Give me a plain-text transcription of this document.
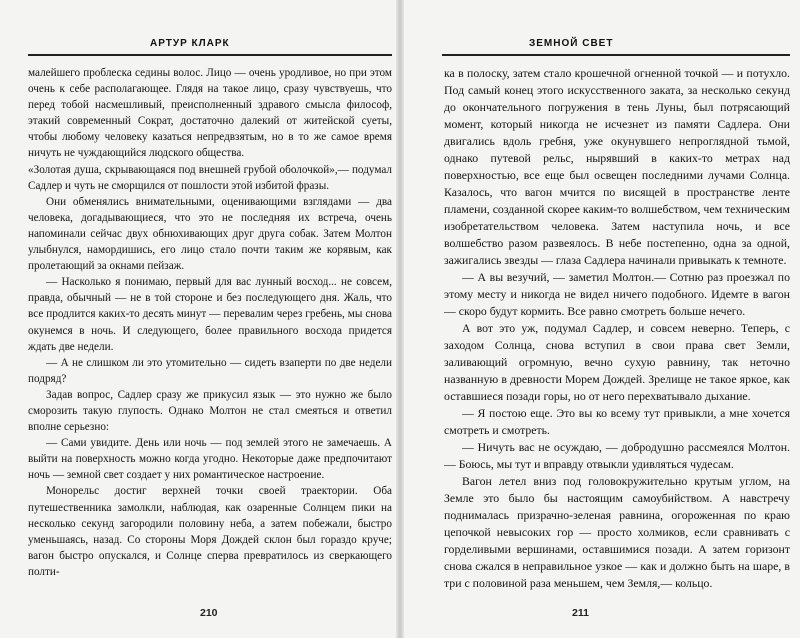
АРТУР КЛАРК

малейшего проблеска седины волос. Лицо — очень уродливое, но при этом очень к себе располагающее. Глядя на такое лицо, сразу чувствуешь, что перед тобой насмешливый, преисполненный здравого смысла философ, этакий современный Сократ, достаточно далекий от житейской суеты, чтобы любому человеку казаться непредвзятым, но в то же самое время ничуть не чуждающийся людского общества.

«Золотая душа, скрывающаяся под внешней грубой оболочкой»,— подумал Садлер и чуть не сморщился от пошлости этой избитой фразы.

Они обменялись внимательными, оценивающими взглядами — два человека, догадывающиеся, что это не последняя их встреча, очень напоминали сейчас двух обнюхивающих друг друга собак. Затем Молтон улыбнулся, намордишись, его лицо стало почти таким же корявым, как пролетающий за окнами пейзаж.

— Насколько я понимаю, первый для вас лунный восход... не совсем, правда, обычный — не в той стороне и без последующего дня. Жаль, что все продлится каких-то десять минут — перевалим через гребень, мы снова окунемся в ночь. И следующего, более правильного восхода придется ждать две недели.

— А не слишком ли это утомительно — сидеть взаперти по две недели подряд?

Задав вопрос, Садлер сразу же прикусил язык — это нужно же было сморозить такую глупость. Однако Молтон не стал смеяться и ответил вполне серьезно:

— Сами увидите. День или ночь — под землей этого не замечаешь. А выйти на поверхность можно когда угодно. Некоторые даже предпочитают ночь — земной свет создает у них романтическое настроение.

Монорельс достиг верхней точки своей траектории. Оба путешественника замолкли, наблюдая, как озаренные Солнцем пики на несколько секунд загородили половину неба, а затем побежали, быстро уменьшаясь, назад. Со стороны Моря Дождей склон был гораздо круче; вагон быстро опускался, и Солнце сперва превратилось из сверкающего полти-

210
ЗЕМНОЙ СВЕТ

ка в полоску, затем стало крошечной огненной точкой — и потухло. Под самый конец этого искусственного заката, за несколько секунд до окончательного погружения в тень Луны, был потрясающий момент, который никогда не исчезнет из памяти Садлера. Они двигались вдоль гребня, уже окунувшего непроглядной тьмой, однако путевой рельс, нырявший в каких-то метрах над поверхностью, все еще был освещен последними лучами Солнца. Казалось, что вагон мчится по висящей в пространстве ленте пламени, созданной скорее каким-то волшебством, чем техническим изобретательством человека. Затем наступила ночь, и все волшебство разом развеялось. В небе постепенно, одна за одной, зажигались звезды — глаза Садлера начинали привыкать к темноте.

— А вы везучий, — заметил Молтон.— Сотню раз проезжал по этому месту и никогда не видел ничего подобного. Идемте в вагон — скоро будут кормить. Все равно смотреть больше нечего.

А вот это уж, подумал Садлер, и совсем неверно. Теперь, с заходом Солнца, снова вступил в свои права свет Земли, заливающий огромную, вечно сухую равнину, так неточно названную в древности Морем Дождей. Зрелище не такое яркое, как оставшиеся позади горы, но от него перехватывало дыхание.

— Я постою еще. Это вы ко всему тут привыкли, а мне хочется смотреть и смотреть.

— Ничуть вас не осуждаю, — добродушно рассмеялся Молтон.— Боюсь, мы тут и вправду отвыкли удивляться чудесам.

Вагон летел вниз под головокружительно крутым углом, на Земле это было бы настоящим самоубийством. А навстречу поднималась призрачно-зеленая равнина, огороженная по краю цепочкой невысоких гор — просто холмиков, если сравнивать с горделивыми вершинами, оставшимися позади. А затем горизонт снова сжался в неправильное узкое — как и должно быть на шаре, в три с половиной раза меньшем, чем Земля,— кольцо.

211
